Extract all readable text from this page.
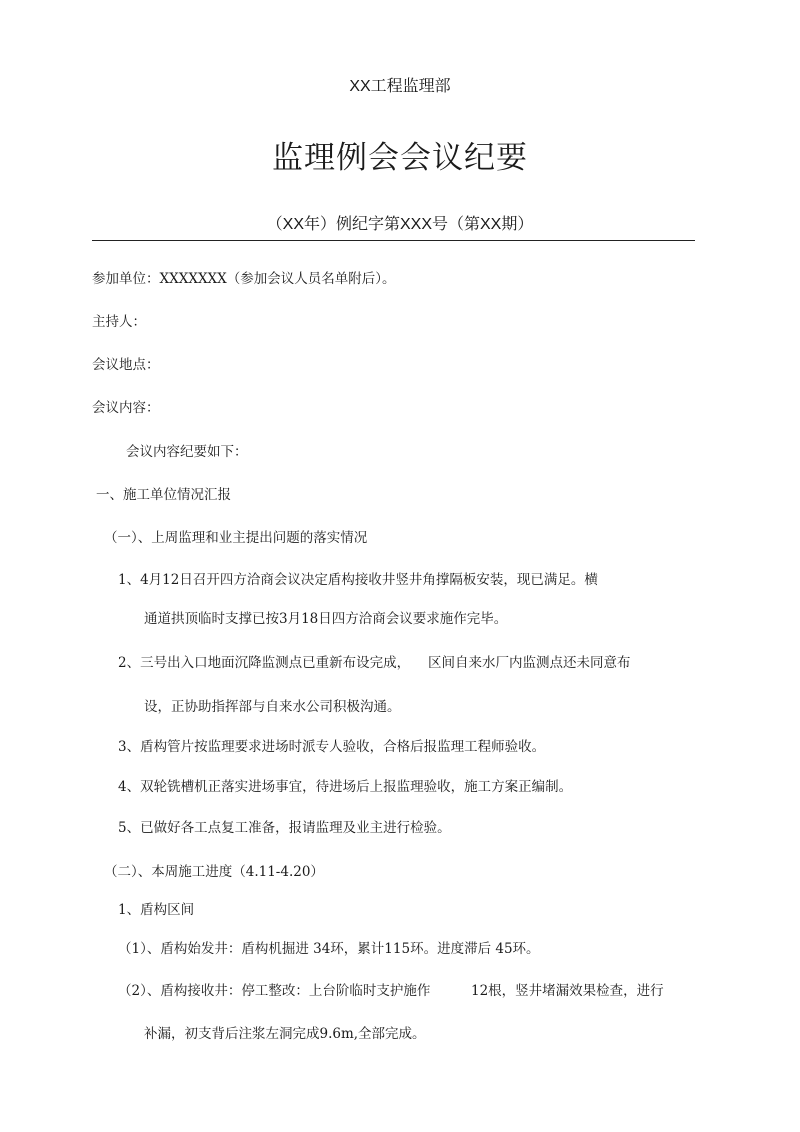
XX工程监理部
监理例会会议纪要
（XX年）例纪字第XXX号（第XX期）
参加单位：XXXXXXX（参加会议人员名单附后）。
主持人：
会议地点：
会议内容：
会议内容纪要如下：
一、施工单位情况汇报
（一）、上周监理和业主提出问题的落实情况
1、4月12日召开四方洽商会议决定盾构接收井竖井角撑隔板安装，现已满足。横
通道拱顶临时支撑已按3月18日四方洽商会议要求施作完毕。
2、三号出入口地面沉降监测点已重新布设完成， 区间自来水厂内监测点还未同意布
设，正协助指挥部与自来水公司积极沟通。
3、盾构管片按监理要求进场时派专人验收，合格后报监理工程师验收。
4、双轮铣槽机正落实进场事宜，待进场后上报监理验收，施工方案正编制。
5、已做好各工点复工准备，报请监理及业主进行检验。
（二）、本周施工进度（4.11-4.20）
1、盾构区间
（1）、盾构始发井：盾构机掘进 34环，累计115环。进度滞后 45环。
（2）、盾构接收井：停工整改：上台阶临时支护施作	12根，竖井堵漏效果检查，进行
补漏，初支背后注浆左洞完成9.6m,全部完成。
